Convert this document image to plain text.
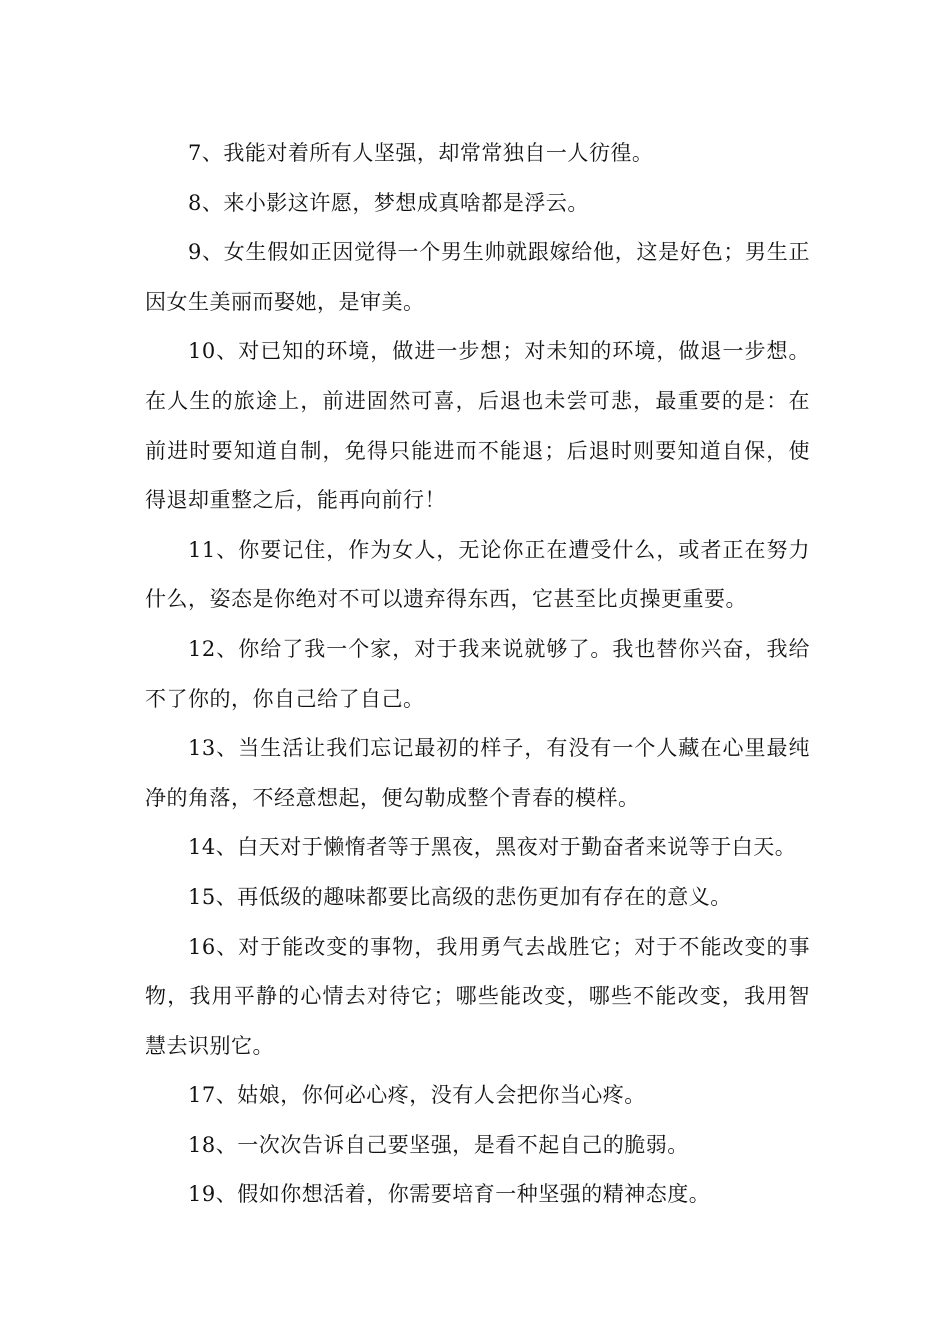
7、我能对着所有人坚强，却常常独自一人彷徨。

8、来小影这许愿，梦想成真啥都是浮云。

9、女生假如正因觉得一个男生帅就跟嫁给他，这是好色；男生正因女生美丽而娶她，是审美。

10、对已知的环境，做进一步想；对未知的环境，做退一步想。在人生的旅途上，前进固然可喜，后退也未尝可悲，最重要的是：在前进时要知道自制，免得只能进而不能退；后退时则要知道自保，使得退却重整之后，能再向前行！

11、你要记住，作为女人，无论你正在遭受什么，或者正在努力什么，姿态是你绝对不可以遗弃得东西，它甚至比贞操更重要。

12、你给了我一个家，对于我来说就够了。我也替你兴奋，我给不了你的，你自己给了自己。

13、当生活让我们忘记最初的样子，有没有一个人藏在心里最纯净的角落，不经意想起，便勾勒成整个青春的模样。

14、白天对于懒惰者等于黑夜，黑夜对于勤奋者来说等于白天。

15、再低级的趣味都要比高级的悲伤更加有存在的意义。

16、对于能改变的事物，我用勇气去战胜它；对于不能改变的事物，我用平静的心情去对待它；哪些能改变，哪些不能改变，我用智慧去识别它。

17、姑娘，你何必心疼，没有人会把你当心疼。

18、一次次告诉自己要坚强，是看不起自己的脆弱。

19、假如你想活着，你需要培育一种坚强的精神态度。
